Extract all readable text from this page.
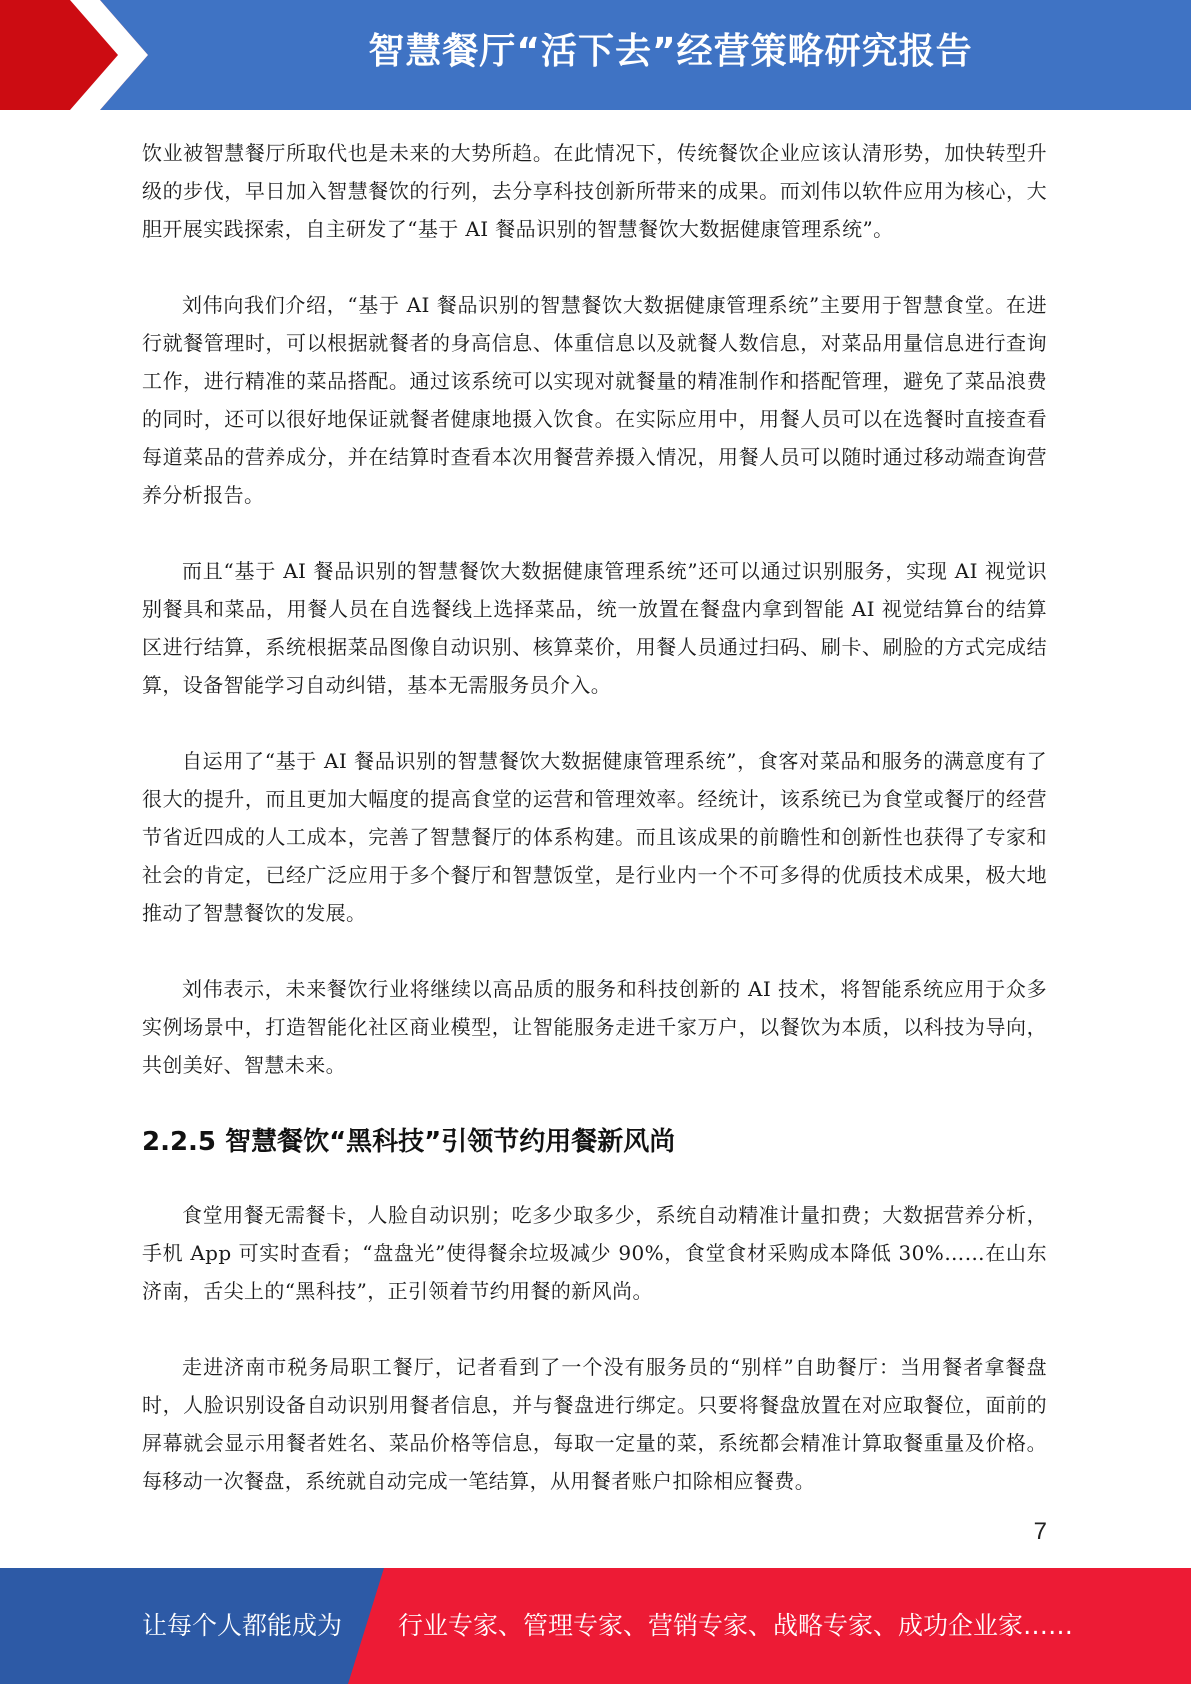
智慧餐厅“活下去”经营策略研究报告

饮业被智慧餐厅所取代也是未来的大势所趋。在此情况下，传统餐饮企业应该认清形势，加快转型升级的步伐，早日加入智慧餐饮的行列，去分享科技创新所带来的成果。而刘伟以软件应用为核心，大胆开展实践探索，自主研发了“基于 AI 餐品识别的智慧餐饮大数据健康管理系统”。

刘伟向我们介绍，“基于 AI 餐品识别的智慧餐饮大数据健康管理系统”主要用于智慧食堂。在进行就餐管理时，可以根据就餐者的身高信息、体重信息以及就餐人数信息，对菜品用量信息进行查询工作，进行精准的菜品搭配。通过该系统可以实现对就餐量的精准制作和搭配管理，避免了菜品浪费的同时，还可以很好地保证就餐者健康地摄入饮食。在实际应用中，用餐人员可以在选餐时直接查看每道菜品的营养成分，并在结算时查看本次用餐营养摄入情况，用餐人员可以随时通过移动端查询营养分析报告。

而且“基于 AI 餐品识别的智慧餐饮大数据健康管理系统”还可以通过识别服务，实现 AI 视觉识别餐具和菜品，用餐人员在自选餐线上选择菜品，统一放置在餐盘内拿到智能 AI 视觉结算台的结算区进行结算，系统根据菜品图像自动识别、核算菜价，用餐人员通过扫码、刷卡、刷脸的方式完成结算，设备智能学习自动纠错，基本无需服务员介入。

自运用了“基于 AI 餐品识别的智慧餐饮大数据健康管理系统”，食客对菜品和服务的满意度有了很大的提升，而且更加大幅度的提高食堂的运营和管理效率。经统计，该系统已为食堂或餐厅的经营节省近四成的人工成本，完善了智慧餐厅的体系构建。而且该成果的前瞻性和创新性也获得了专家和社会的肯定，已经广泛应用于多个餐厅和智慧饭堂，是行业内一个不可多得的优质技术成果，极大地推动了智慧餐饮的发展。

刘伟表示，未来餐饮行业将继续以高品质的服务和科技创新的 AI 技术，将智能系统应用于众多实例场景中，打造智能化社区商业模型，让智能服务走进千家万户，以餐饮为本质，以科技为导向，共创美好、智慧未来。

2.2.5 智慧餐饮“黑科技”引领节约用餐新风尚

食堂用餐无需餐卡，人脸自动识别；吃多少取多少，系统自动精准计量扣费；大数据营养分析，手机 App 可实时查看；“盘盘光”使得餐余垃圾减少 90%，食堂食材采购成本降低 30%……在山东济南，舌尖上的“黑科技”，正引领着节约用餐的新风尚。

走进济南市税务局职工餐厅，记者看到了一个没有服务员的“别样”自助餐厅：当用餐者拿餐盘时，人脸识别设备自动识别用餐者信息，并与餐盘进行绑定。只要将餐盘放置在对应取餐位，面前的屏幕就会显示用餐者姓名、菜品价格等信息，每取一定量的菜，系统都会精准计算取餐重量及价格。每移动一次餐盘，系统就自动完成一笔结算，从用餐者账户扣除相应餐费。

7
让每个人都能成为 行业专家、管理专家、营销专家、战略专家、成功企业家……
